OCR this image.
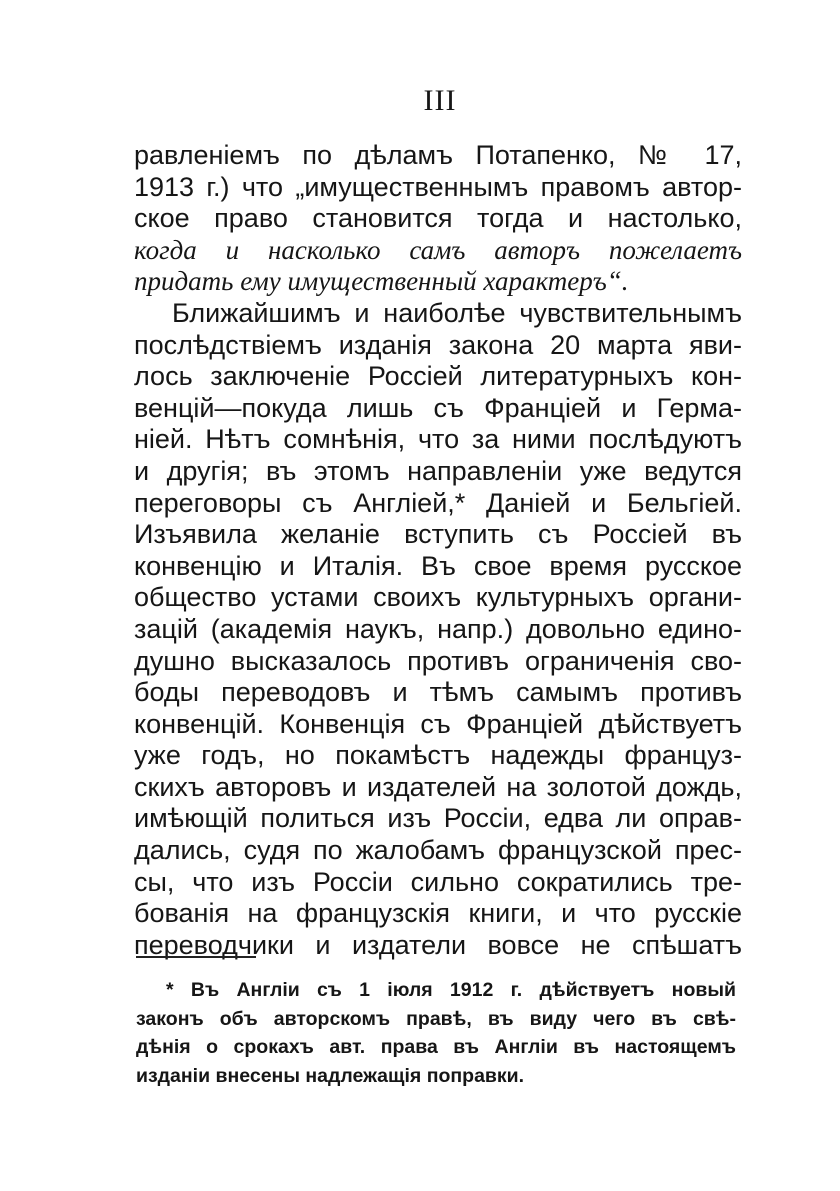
III
равленіемъ по дѣламъ Потапенко, № 17,
1913 г.) что „имущественнымъ правомъ автор-
ское право становится тогда и настолько,
когда и насколько самъ авторъ пожелаетъ
придать ему имущественный характеръ“.
Ближайшимъ и наиболѣе чувствительнымъ
послѣдствіемъ изданія закона 20 марта яви-
лось заключеніе Россіей литературныхъ кон-
венцій—покуда лишь съ Франціей и Герма-
ніей. Нѣтъ сомнѣнія, что за ними послѣдуютъ
и другія; въ этомъ направленіи уже ведутся
переговоры съ Англіей,* Даніей и Бельгіей.
Изъявила желаніе вступить съ Россіей въ
конвенцію и Италія. Въ свое время русское
общество устами своихъ культурныхъ органи-
зацій (академія наукъ, напр.) довольно едино-
душно высказалось противъ ограниченія сво-
боды переводовъ и тѣмъ самымъ противъ
конвенцій. Конвенція съ Франціей дѣйствуетъ
уже годъ, но покамѣстъ надежды француз-
скихъ авторовъ и издателей на золотой дождь,
имѣющій политься изъ Россіи, едва ли оправ-
дались, судя по жалобамъ французской прес-
сы, что изъ Россіи сильно сократились тре-
бованія на французскія книги, и что русскіе
переводчики и издатели вовсе не спѣшатъ
* Въ Англіи съ 1 іюля 1912 г. дѣйствуетъ новый
законъ объ авторскомъ правѣ, въ виду чего въ свѣ-
дѣнія о срокахъ авт. права въ Англіи въ настоящемъ
изданіи внесены надлежащія поправки.
